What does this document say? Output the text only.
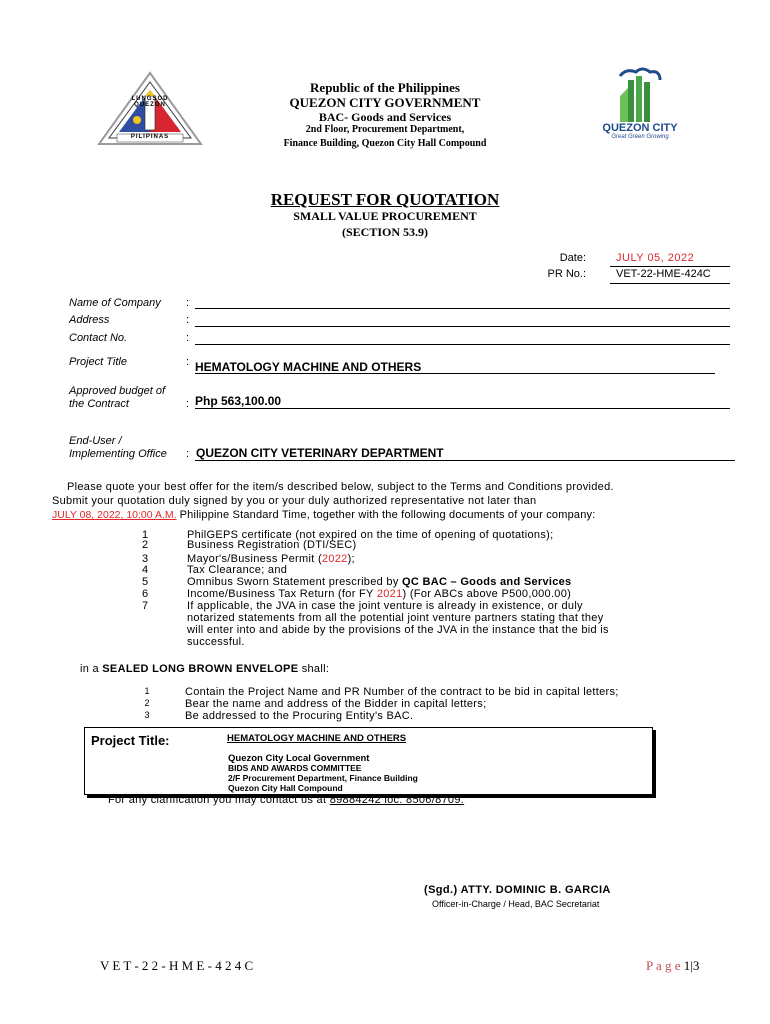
LUNGSOD QUEZON
PILIPINAS
Republic of the Philippines
QUEZON CITY GOVERNMENT
BAC- Goods and Services
2nd Floor, Procurement Department,
Finance Building, Quezon City Hall Compound
QUEZON CITY
Great Green Growing
REQUEST FOR QUOTATION
SMALL VALUE PROCUREMENT
(SECTION 53.9)
Date:	JULY 05, 2022
PR No.:	VET-22-HME-424C
Name of Company :
Address	:
Contact No.	:
Project Title	: HEMATOLOGY MACHINE AND OTHERS
Approved budget of
the Contract	: Php 563,100.00
End-User /
Implementing Office : QUEZON CITY VETERINARY DEPARTMENT
Please quote your best offer for the item/s described below, subject to the Terms and Conditions provided.
Submit your quotation duly signed by you or your duly authorized representative not later than
JULY 08, 2022, 10:00 A.M. Philippine Standard Time, together with the following documents of your company:
1	PhilGEPS certificate (not expired on the time of opening of quotations);
2	Business Registration (DTI/SEC)
3	Mayor's/Business Permit (2022);
4	Tax Clearance; and
5	Omnibus Sworn Statement prescribed by QC BAC – Goods and Services
6	Income/Business Tax Return (for FY 2021) (For ABCs above P500,000.00)
7	If applicable, the JVA in case the joint venture is already in existence, or duly
notarized statements from all the potential joint venture partners stating that they
will enter into and abide by the provisions of the JVA in the instance that the bid is
successful.
in a SEALED LONG BROWN ENVELOPE shall:
1	Contain the Project Name and PR Number of the contract to be bid in capital letters;
2	Bear the name and address of the Bidder in capital letters;
3	Be addressed to the Procuring Entity's BAC.
Project Title:	HEMATOLOGY MACHINE AND OTHERS
Quezon City Local Government
BIDS AND AWARDS COMMITTEE
2/F Procurement Department, Finance Building
Quezon City Hall Compound
For any clarification you may contact us at 89884242 loc. 8506/8709.
(Sgd.) ATTY. DOMINIC B. GARCIA
Officer-in-Charge / Head, BAC Secretariat
V E T - 2 2 - H M E - 4 2 4 C	P a g e 1|3
